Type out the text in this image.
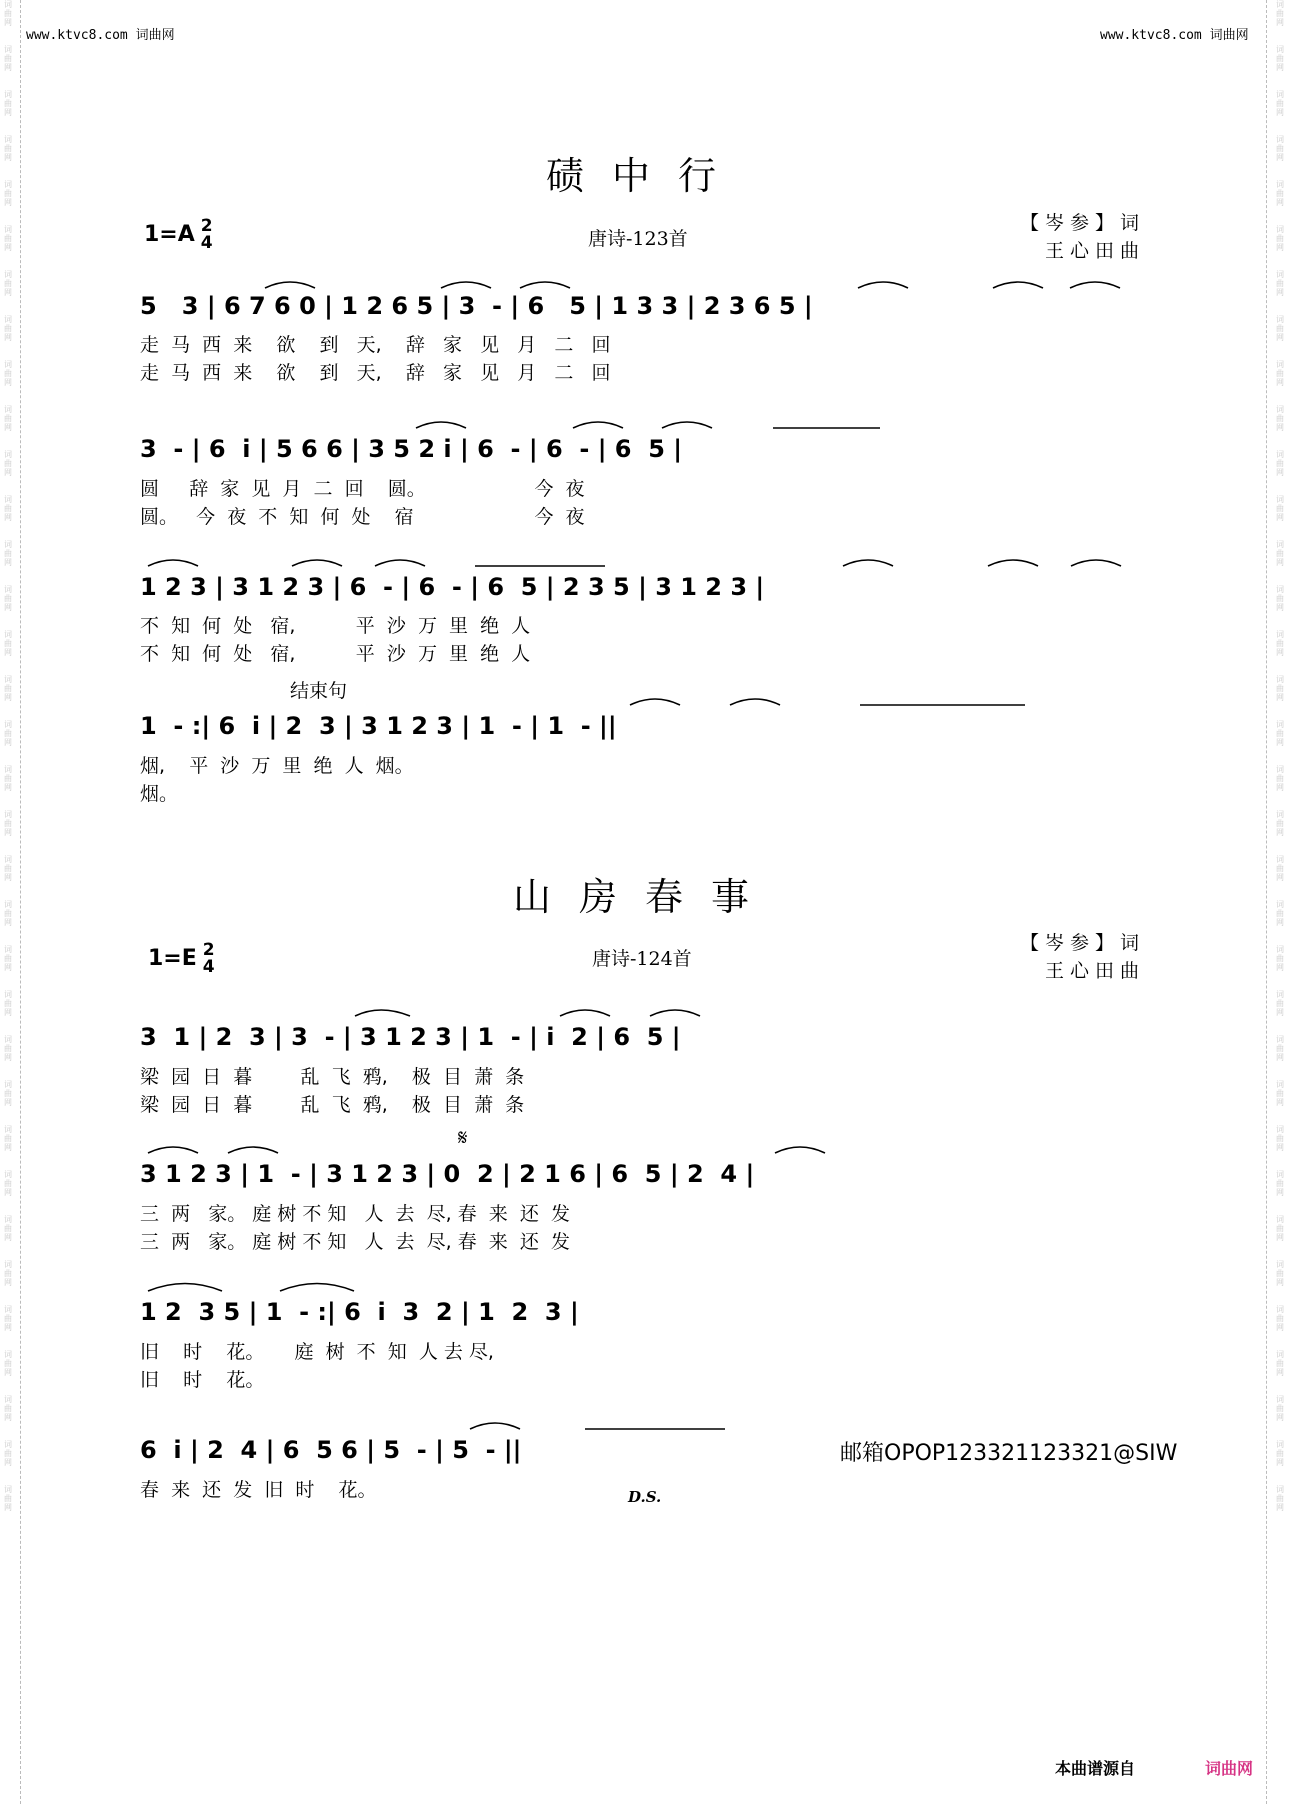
词
曲
网

词
曲
网

词
曲
网

词
曲
网

词
曲
网

词
曲
网

词
曲
网

词
曲
网

词
曲
网

词
曲
网

词
曲
网

词
曲
网

词
曲
网

词
曲
网

词
曲
网

词
曲
网

词
曲
网

词
曲
网

词
曲
网

词
曲
网

词
曲
网

词
曲
网

词
曲
网

词
曲
网

词
曲
网

词
曲
网

词
曲
网

词
曲
网

词
曲
网

词
曲
网

词
曲
网

词
曲
网

词
曲
网

词
曲
网

词
曲
网

词
曲
网

词
曲
网

词
曲
网

词
曲
网

词
曲
网

词
曲
网

词
曲
网

词
曲
网

词
曲
网

词
曲
网

词
曲
网

词
曲
网

词
曲
网

词
曲
网

词
曲
网

词
曲
网

词
曲
网

词
曲
网

词
曲
网

词
曲
网

词
曲
网

词
曲
网

词
曲
网

词
曲
网

词
曲
网

词
曲
网

词
曲
网

词
曲
网

词
曲
网

词
曲
网

词
曲
网

词
曲
网

词
曲
网

www.ktvc8.com 词曲网	www.ktvc8.com 词曲网
碛中行
1=A 2
4	唐诗-123首
【岑参】词
王心田曲
5   3 | 6 7 6 0 | 1 2 6 5 | 3  - | 6   5 | 1 3 3 | 2 3 6 5 |
走  马  西  来    欲    到   天,    辞   家   见   月   二   回
走  马  西  来    欲    到   天,    辞   家   见   月   二   回
3  - | 6  i | 5 6 6 | 3 5 2 i | 6  - | 6  - | 6  5 |
圆     辞  家  见  月  二  回    圆。                  今  夜
圆。   今  夜  不  知  何  处    宿                    今  夜
1 2 3 | 3 1 2 3 | 6  - | 6  - | 6  5 | 2 3 5 | 3 1 2 3 |
不  知  何  处   宿,          平  沙  万  里  绝  人
不  知  何  处   宿,          平  沙  万  里  绝  人
结束句
1  - :| 6  i | 2  3 | 3 1 2 3 | 1  - | 1  - ||
烟,    平  沙  万  里  绝  人  烟。
烟。
山房春事
1=E 2
4	唐诗-124首
【岑参】词
王心田曲
3  1 | 2  3 | 3  - | 3 1 2 3 | 1  - | i  2 | 6  5 |
梁  园  日  暮        乱  飞  鸦,    极  目  萧  条
梁  园  日  暮        乱  飞  鸦,    极  目  萧  条
𝄋
3 1 2 3 | 1  - | 3 1 2 3 | 0  2 | 2 1 6 | 6  5 | 2  4 |
三  两   家。 庭 树 不 知   人  去  尽, 春  来  还  发
三  两   家。 庭 树 不 知   人  去  尽, 春  来  还  发
1 2  3 5 | 1  - :| 6  i  3  2 | 1  2  3 |
旧    时    花。     庭  树  不  知  人 去 尽,
旧    时    花。
6  i | 2  4 | 6  5 6 | 5  - | 5  - ||	邮箱OPOP123321123321@SIW
春  来  还  发  旧  时    花。	D.S.
本曲谱源自	词曲网
